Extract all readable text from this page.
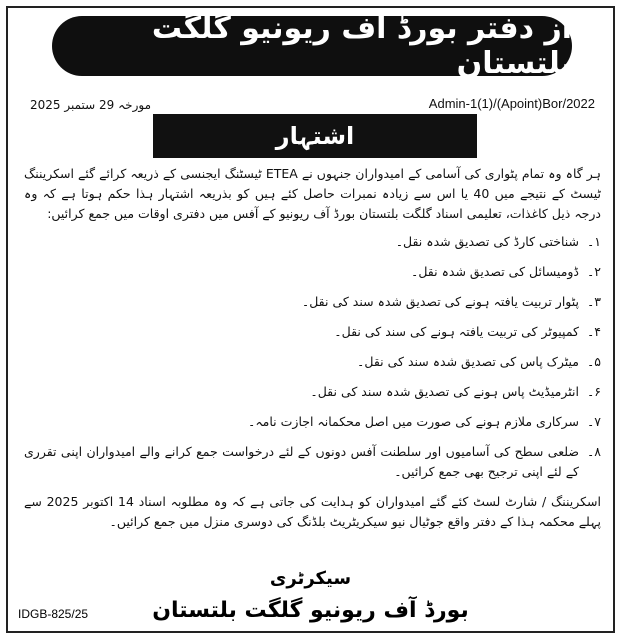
از دفتر بورڈ آف ریونیو گلگت بلتستان
مورخہ 29 ستمبر 2025	Admin-1(1)/(Apoint)Bor/2022
اشتہار

ہر گاہ وہ تمام پٹواری کی آسامی کے امیدواران جنہوں نے ETEA ٹیسٹنگ ایجنسی کے ذریعہ کرائے گئے اسکریننگ ٹیسٹ کے نتیجے میں 40 یا اس سے زیادہ نمبرات حاصل کئے ہیں کو بذریعہ اشتہار ہذا حکم ہوتا ہے کہ وہ درجہ ذیل کاغذات، تعلیمی اسناد گلگت بلتستان بورڈ آف ریونیو کے آفس میں دفتری اوقات میں جمع کرائیں:

۱۔
شناختی کارڈ کی تصدیق شدہ نقل۔
۲۔
ڈومیسائل کی تصدیق شدہ نقل۔
۳۔
پٹوار تربیت یافتہ ہونے کی تصدیق شدہ سند کی نقل۔
۴۔
کمپیوٹر کی تربیت یافتہ ہونے کی سند کی نقل۔
۵۔
میٹرک پاس کی تصدیق شدہ سند کی نقل۔
۶۔
انٹرمیڈیٹ پاس ہونے کی تصدیق شدہ سند کی نقل۔
۷۔
سرکاری ملازم ہونے کی صورت میں اصل محکمانہ اجازت نامہ۔
۸۔
ضلعی سطح کی آسامیوں اور سلطنت آفس دونوں کے لئے درخواست جمع کرانے والے امیدواران اپنی تقرری کے لئے اپنی ترجیح بھی جمع کرائیں۔

اسکریننگ / شارٹ لسٹ کئے گئے امیدواران کو ہدایت کی جاتی ہے کہ وہ مطلوبہ اسناد 14 اکتوبر 2025 سے پہلے محکمہ ہذا کے دفتر واقع جوٹیال نیو سیکریٹریٹ بلڈنگ کی دوسری منزل میں جمع کرائیں۔

سیکرٹری
بورڈ آف ریونیو گلگت بلتستان
IDGB-825/25
